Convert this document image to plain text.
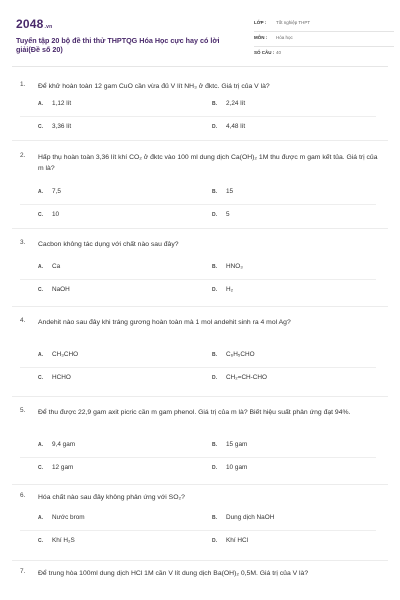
2048.vn
Tuyển tập 20 bộ đề thi thử THPTQG Hóa Học cực hay có lời giải(Đề số 20)
LỚP : Tốt nghiệp THPT
MÔN : Hóa học
SỐ CÂU : 40
1. Để khử hoàn toàn 12 gam CuO cần vừa đủ V lít NH₃ ở đktc. Giá trị của V là?
A. 1,12 lít	B. 2,24 lít
C. 3,36 lít	D. 4,48 lít
2. Hấp thụ hoàn toàn 3,36 lít khí CO₂ ở đktc vào 100 ml dung dịch Ca(OH)₂ 1M thu được m gam kết tủa. Giá trị của m là?
A. 7,5	B. 15
C. 10	D. 5
3. Cacbon không tác dụng với chất nào sau đây?
A. Ca	B. HNO₃
C. NaOH	D. H₂
4. Andehit nào sau đây khi tráng gương hoàn toàn mà 1 mol andehit sinh ra 4 mol Ag?
A. CH₃CHO	B. C₆H₅CHO
C. HCHO	D. CH₂=CH-CHO
5. Để thu được 22,9 gam axit picric cần m gam phenol. Giá trị của m là? Biết hiệu suất phản ứng đạt 94%.
A. 9,4 gam	B. 15 gam
C. 12 gam	D. 10 gam
6. Hóa chất nào sau đây không phản ứng với SO₂?
A. Nước brom	B. Dung dịch NaOH
C. Khí H₂S	D. Khí HCl
7. Để trung hòa 100ml dung dịch HCl 1M cần V lít dung dịch Ba(OH)₂ 0,5M. Giá trị của V là?
